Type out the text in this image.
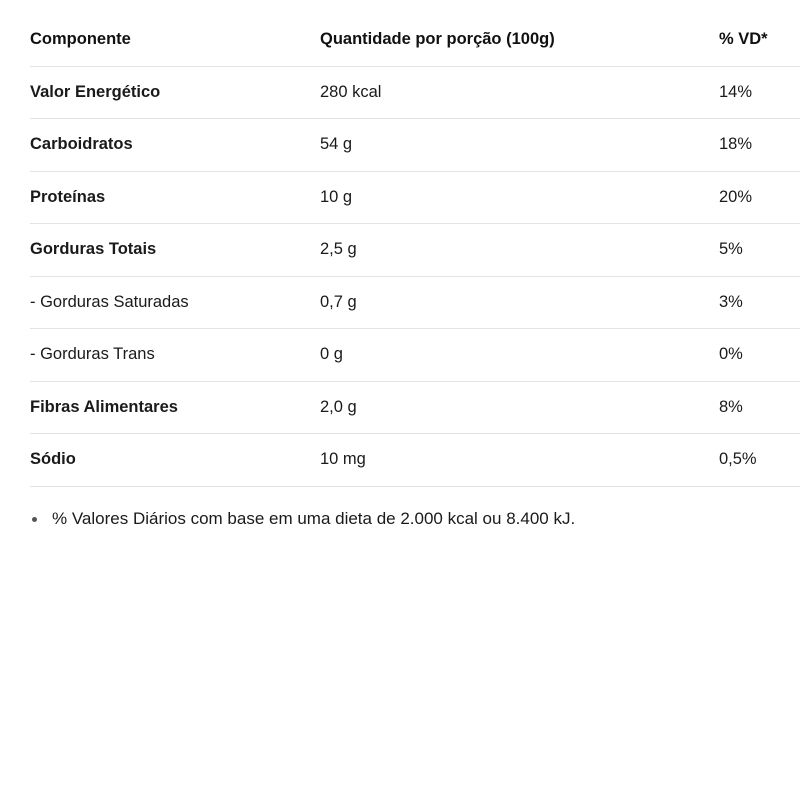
Componente	Quantidade por porção (100g)	% VD*
Valor Energético	280 kcal	14%
Carboidratos	54 g	18%
Proteínas	10 g	20%
Gorduras Totais	2,5 g	5%
- Gorduras Saturadas	0,7 g	3%
- Gorduras Trans	0 g	0%
Fibras Alimentares	2,0 g	8%
Sódio	10 mg	0,5%
% Valores Diários com base em uma dieta de 2.000 kcal ou 8.400 kJ.
